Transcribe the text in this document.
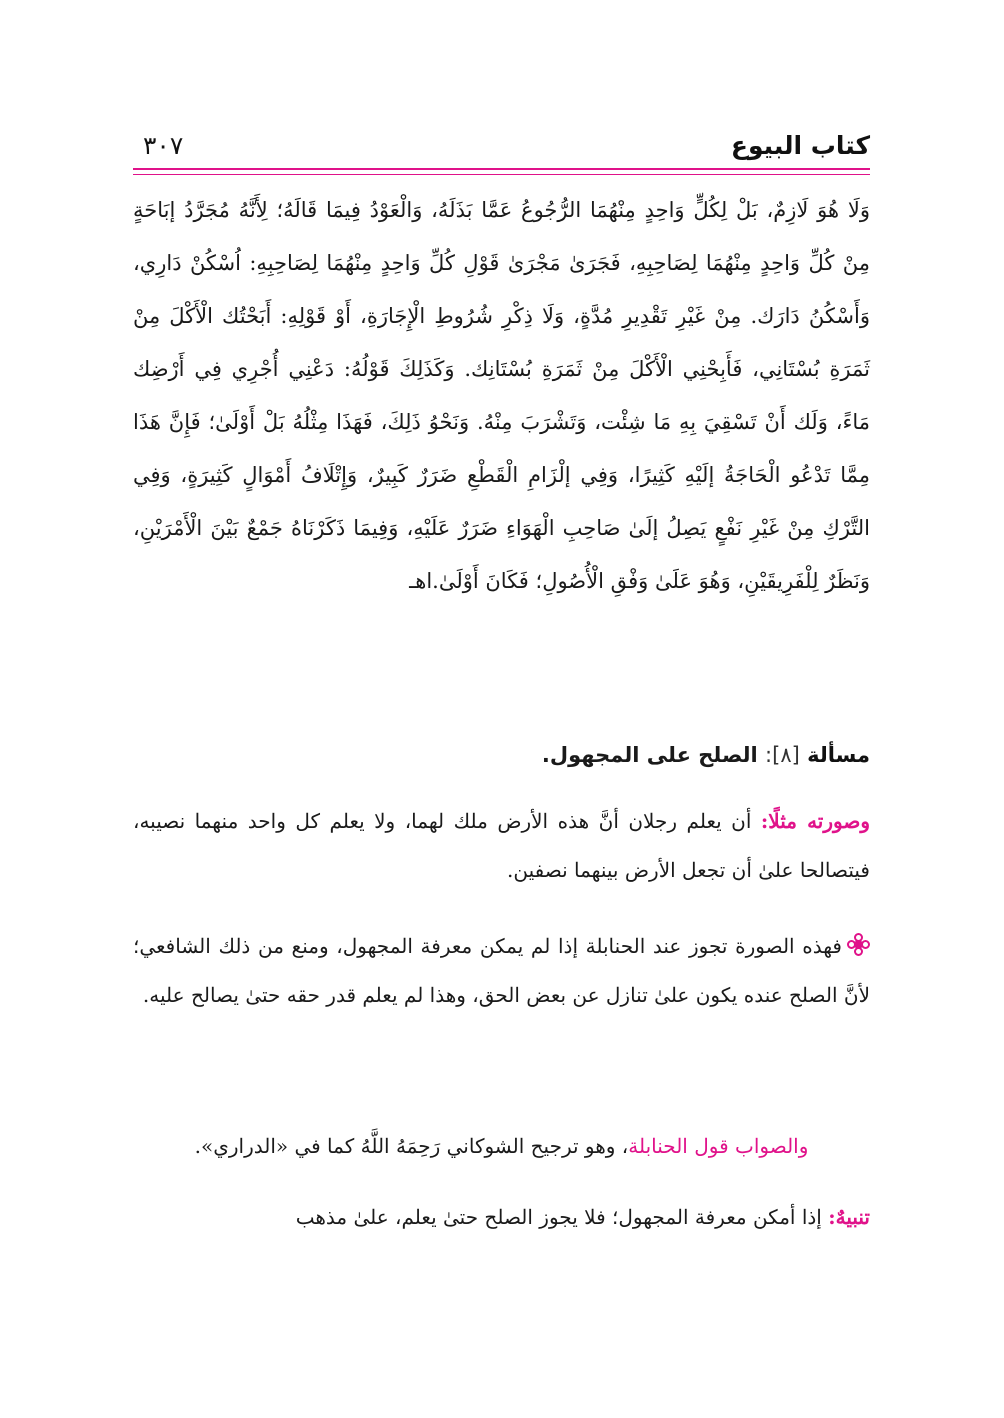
كتاب البيوع
٣٠٧
وَلَا هُوَ لَازِمٌ، بَلْ لِكُلٍّ وَاحِدٍ مِنْهُمَا الرُّجُوعُ عَمَّا بَذَلَهُ، وَالْعَوْدُ فِيمَا قَالَهُ؛ لِأَنَّهُ مُجَرَّدُ إبَاحَةٍ مِنْ كُلِّ وَاحِدٍ مِنْهُمَا لِصَاحِبِهِ، فَجَرَىٰ مَجْرَىٰ قَوْلِ كُلِّ وَاحِدٍ مِنْهُمَا لِصَاحِبِهِ: اُسْكُنْ دَارِي، وَأَسْكُنُ دَارَك. مِنْ غَيْرِ تَقْدِيرِ مُدَّةٍ، وَلَا ذِكْرِ شُرُوطِ الْإِجَارَةِ، أَوْ قَوْلِهِ: أَبَحْتُك الْأَكْلَ مِنْ ثَمَرَةِ بُسْتَانِي، فَأَبِحْنِي الْأَكْلَ مِنْ ثَمَرَةِ بُسْتَانِك. وَكَذَلِكَ قَوْلُهُ: دَعْنِي أُجْرِي فِي أَرْضِك مَاءً، وَلَك أَنْ تَسْقِيَ بِهِ مَا شِئْت، وَتَشْرَبَ مِنْهُ. وَنَحْوُ ذَلِكَ، فَهَذَا مِثْلُهُ بَلْ أَوْلَىٰ؛ فَإِنَّ هَذَا مِمَّا تَدْعُو الْحَاجَةُ إلَيْهِ كَثِيرًا، وَفِي إلْزَامِ الْقَطْعِ ضَرَرٌ كَبِيرٌ، وَإِتْلَافُ أَمْوَالٍ كَثِيرَةٍ، وَفِي التَّرْكِ مِنْ غَيْرِ نَفْعٍ يَصِلُ إلَىٰ صَاحِبِ الْهَوَاءِ ضَرَرٌ عَلَيْهِ، وَفِيمَا ذَكَرْنَاهُ جَمْعٌ بَيْنَ الْأَمْرَيْنِ، وَنَظَرٌ لِلْفَرِيقَيْنِ، وَهُوَ عَلَىٰ وَفْقِ الْأُصُولِ؛ فَكَانَ أَوْلَىٰ.اهـ
مسألة [٨]: الصلح على المجهول.
وصورته مثلًا: أن يعلم رجلان أنَّ هذه الأرض ملك لهما، ولا يعلم كل واحد منهما نصيبه، فيتصالحا علىٰ أن تجعل الأرض بينهما نصفين.
فهذه الصورة تجوز عند الحنابلة إذا لم يمكن معرفة المجهول، ومنع من ذلك الشافعي؛ لأنَّ الصلح عنده يكون علىٰ تنازل عن بعض الحق، وهذا لم يعلم قدر حقه حتىٰ يصالح عليه.
والصواب قول الحنابلة، وهو ترجيح الشوكاني رَحِمَهُ اللَّهُ كما في «الدراري».
تنبيهٌ: إذا أمكن معرفة المجهول؛ فلا يجوز الصلح حتىٰ يعلم، علىٰ مذهب
